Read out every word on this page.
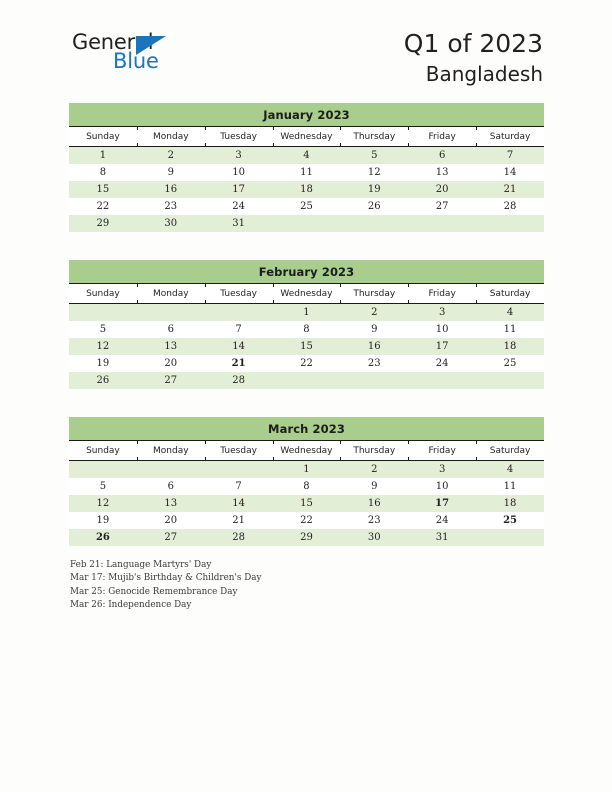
General
Blue
Q1 of 2023
Bangladesh
January 2023						
Sunday	Monday	Tuesday	Wednesday	Thursday	Friday	Saturday
1	2	3	4	5	6	7
8	9	10	11	12	13	14
15	16	17	18	19	20	21
22	23	24	25	26	27	28
29	30	31				
February 2023						
Sunday	Monday	Tuesday	Wednesday	Thursday	Friday	Saturday
			1	2	3	4
5	6	7	8	9	10	11
12	13	14	15	16	17	18
19	20	21	22	23	24	25
26	27	28				
March 2023						
Sunday	Monday	Tuesday	Wednesday	Thursday	Friday	Saturday
			1	2	3	4
5	6	7	8	9	10	11
12	13	14	15	16	17	18
19	20	21	22	23	24	25
26	27	28	29	30	31	
Feb 21: Language Martyrs' Day
Mar 17: Mujib's Birthday & Children's Day
Mar 25: Genocide Remembrance Day
Mar 26: Independence Day
